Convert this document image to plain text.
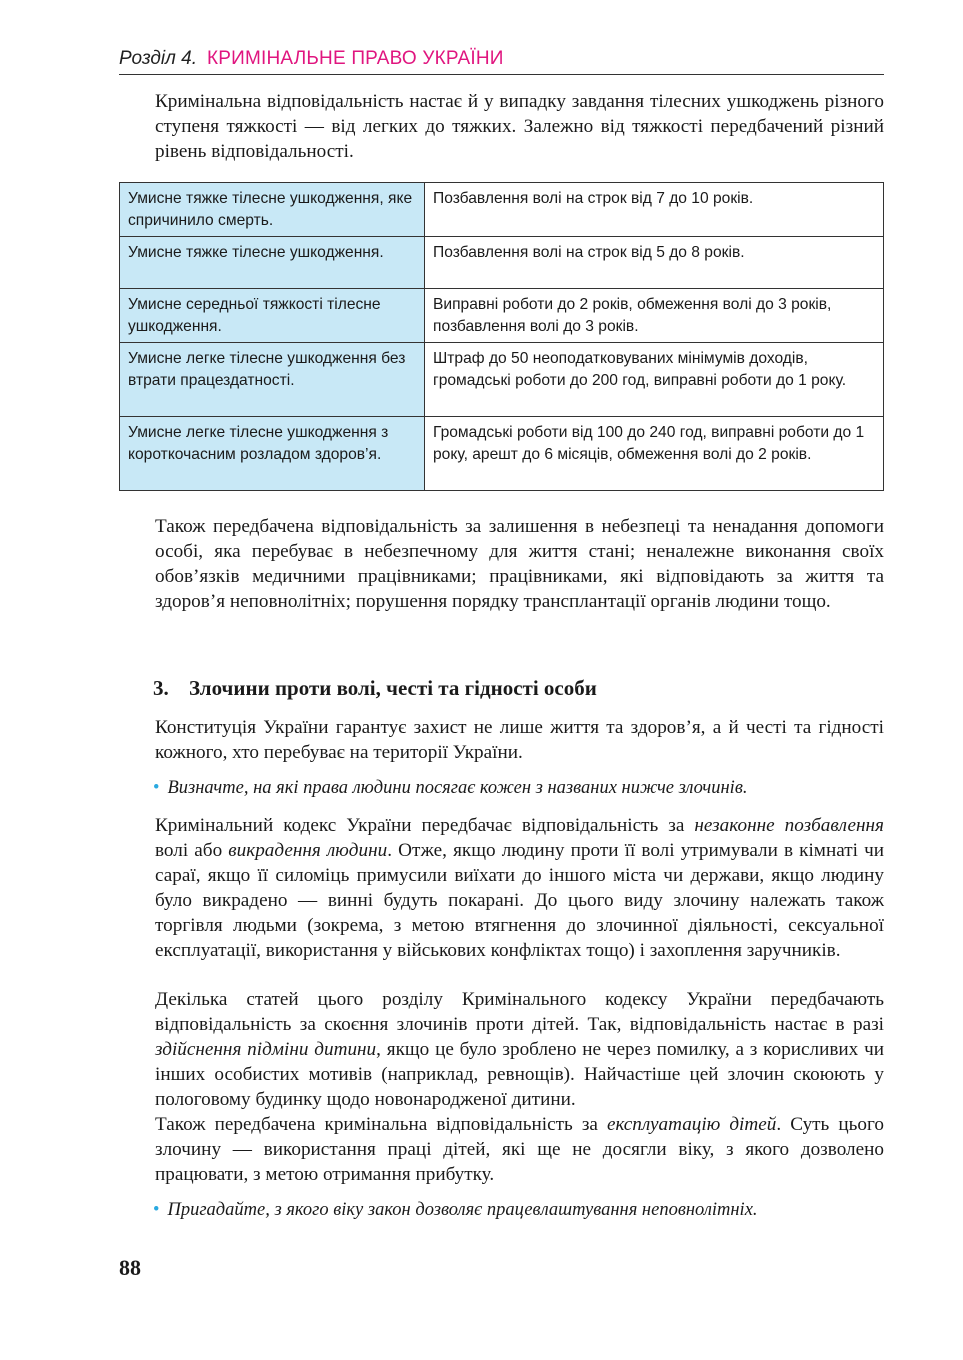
Розділ 4. КРИМІНАЛЬНЕ ПРАВО УКРАЇНИ
Кримінальна відповідальність настає й у випадку завдання тілесних ушкоджень різного ступеня тяжкості — від легких до тяжких. Залежно від тяжкості передбачений різний рівень відповідальності.
Умисне тяжке тілесне ушкодження, яке спричинило смерть.	Позбавлення волі на строк від 7 до 10 років.
Умисне тяжке тілесне ушкодження.	Позбавлення волі на строк від 5 до 8 років.
Умисне середньої тяжкості тілесне ушкодження.	Виправні роботи до 2 років, обмеження волі до 3 років, позбавлення волі до 3 років.
Умисне легке тілесне ушкодження без втрати працездатності.	Штраф до 50 неоподатковуваних мінімумів доходів, громадські роботи до 200 год, виправні роботи до 1 року.
Умисне легке тілесне ушкодження з короткочасним розладом здоров’я.	Громадські роботи від 100 до 240 год, виправні роботи до 1 року, арешт до 6 місяців, обмеження волі до 2 років.
Також передбачена відповідальність за залишення в небезпеці та ненадання допомоги особі, яка перебуває в небезпечному для життя стані; неналежне виконання своїх обов’язків медичними працівниками; працівниками, які відповідають за життя та здоров’я неповнолітніх; порушення порядку трансплантації органів людини тощо.
3. Злочини проти волі, честі та гідності особи
Конституція України гарантує захист не лише життя та здоров’я, а й честі та гідності кожного, хто перебуває на території України.
• Визначте, на які права людини посягає кожен з названих нижче злочинів.
Кримінальний кодекс України передбачає відповідальність за незаконне позбавлення волі або викрадення людини. Отже, якщо людину проти її волі утримували в кімнаті чи сараї, якщо її силоміць примусили виїхати до іншого міста чи держави, якщо людину було викрадено — винні будуть покарані. До цього виду злочину належать також торгівля людьми (зокрема, з метою втягнення до злочинної діяльності, сексуальної експлуатації, використання у військових конфліктах тощо) і захоплення заручників.
Декілька статей цього розділу Кримінального кодексу України передбачають відповідальність за скоєння злочинів проти дітей. Так, відповідальність настає в разі здійснення підміни дитини, якщо це було зроблено не через помилку, а з корисливих чи інших особистих мотивів (наприклад, ревнощів). Найчастіше цей злочин скоюють у пологовому будинку щодо новонародженої дитини.
Також передбачена кримінальна відповідальність за експлуатацію дітей. Суть цього злочину — використання праці дітей, які ще не досягли віку, з якого дозволено працювати, з метою отримання прибутку.
• Пригадайте, з якого віку закон дозволяє працевлаштування неповнолітніх.
88
